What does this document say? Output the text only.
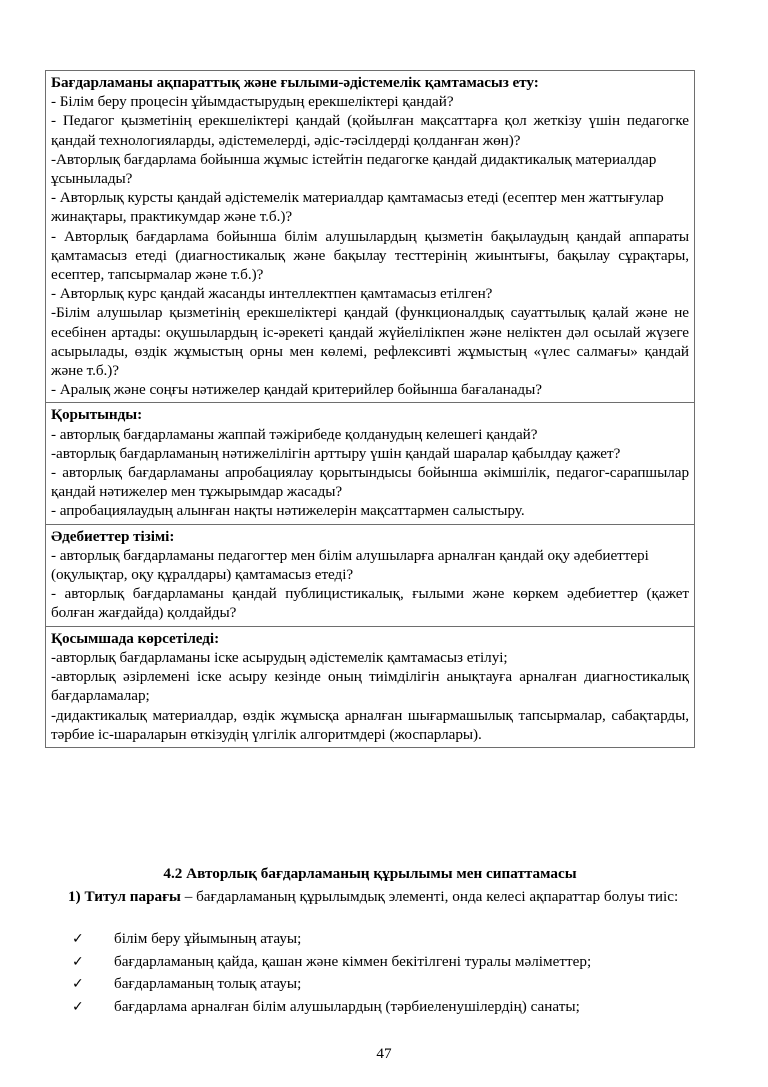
Бағдарламаны ақпараттық және ғылыми-әдістемелік қамтамасыз ету:

- Білім беру процесін ұйымдастырудың ерекшеліктері қандай?

- Педагог қызметінің ерекшеліктері қандай (қойылған мақсаттарға қол жеткізу үшін педагогке қандай технологияларды, әдістемелерді, әдіс-тәсілдерді қолданған жөн)?

-Авторлық бағдарлама бойынша жұмыс істейтін педагогке қандай дидактикалық материалдар ұсынылады?

- Авторлық курсты қандай әдістемелік материалдар қамтамасыз етеді (есептер мен жаттығулар жинақтары, практикумдар және т.б.)?

- Авторлық бағдарлама бойынша білім алушылардың қызметін бақылаудың қандай аппараты қамтамасыз етеді (диагностикалық және бақылау тесттерінің жиынтығы, бақылау сұрақтары, есептер, тапсырмалар және т.б.)?

- Авторлық курс қандай жасанды интеллектпен қамтамасыз етілген?

-Білім алушылар қызметінің ерекшеліктері қандай (функционалдық сауаттылық қалай және не есебінен артады: оқушылардың іс-әрекеті қандай жүйелілікпен және неліктен дәл осылай жүзеге асырылады, өздік жұмыстың орны мен көлемі, рефлексивті жұмыстың «үлес салмағы» қандай және т.б.)?

- Аралық және соңғы нәтижелер қандай критерийлер бойынша бағаланады?

Қорытынды:

- авторлық бағдарламаны жаппай тәжірибеде қолданудың келешегі қандай?

-авторлық бағдарламаның нәтижелілігін арттыру үшін қандай шаралар қабылдау қажет?

- авторлық бағдарламаны апробациялау қорытындысы бойынша әкімшілік, педагог-сарапшылар қандай нәтижелер мен тұжырымдар жасады?

- апробациялаудың алынған нақты нәтижелерін мақсаттармен салыстыру.

Әдебиеттер тізімі:

- авторлық бағдарламаны педагогтер мен білім алушыларға арналған қандай оқу әдебиеттері (оқулықтар, оқу құралдары) қамтамасыз етеді?

- авторлық бағдарламаны қандай публицистикалық, ғылыми және көркем әдебиеттер (қажет болған жағдайда) қолдайды?

Қосымшада көрсетіледі:

-авторлық бағдарламаны іске асырудың әдістемелік қамтамасыз етілуі;

-авторлық әзірлемені іске асыру кезінде оның тиімділігін анықтауға арналған диагностикалық бағдарламалар;

-дидактикалық материалдар, өздік жұмысқа арналған шығармашылық тапсырмалар, сабақтарды, тәрбие іс-шараларын өткізудің үлгілік алгоритмдері (жоспарлары).

4.2 Авторлық бағдарламаның құрылымы мен сипаттамасы
1) Титул парағы – бағдарламаның құрылымдық элементі, онда келесі ақпараттар болуы тиіс:
✓	білім беру ұйымының атауы;
✓	бағдарламаның қайда, қашан және кіммен бекітілгені туралы мәліметтер;
✓	бағдарламаның толық атауы;
✓	бағдарлама арналған білім алушылардың (тәрбиеленушілердің) санаты;
47
